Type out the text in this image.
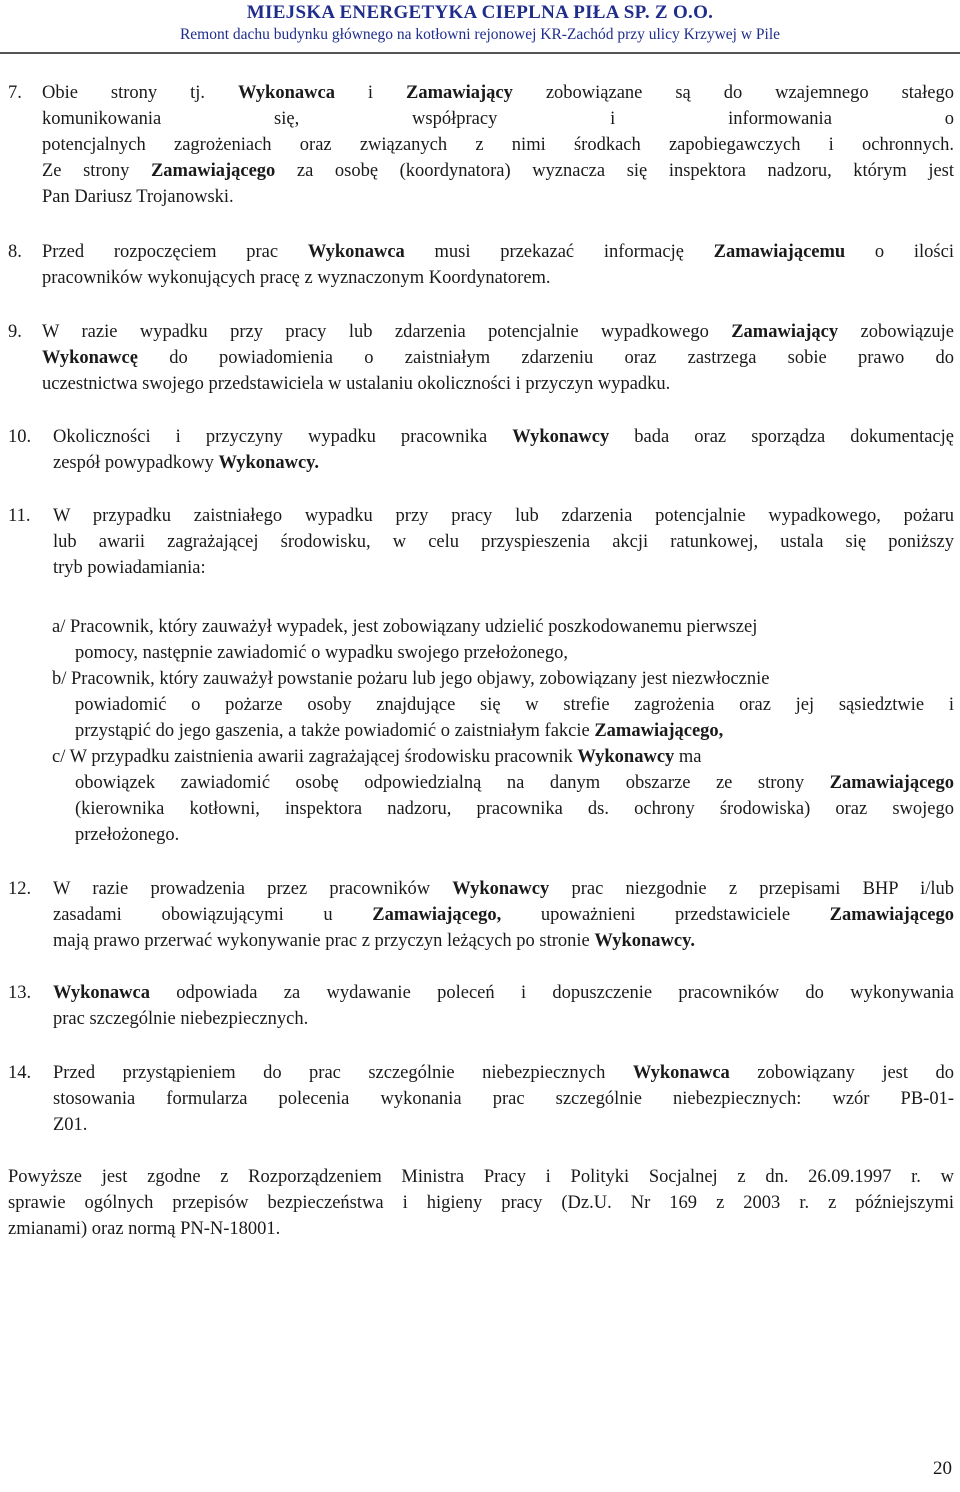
MIEJSKA ENERGETYKA CIEPLNA PIŁA SP. Z O.O.
Remont dachu budynku głównego na kotłowni rejonowej KR-Zachód przy ulicy Krzywej w Pile
7. Obie strony tj. Wykonawca i Zamawiający zobowiązane są do wzajemnego stałego
komunikowania się, współpracy i informowania o
potencjalnych zagrożeniach oraz związanych z nimi środkach zapobiegawczych i ochronnych.
Ze strony Zamawiającego za osobę (koordynatora) wyznacza się inspektora nadzoru, którym jest
Pan Dariusz Trojanowski.
8. Przed rozpoczęciem prac Wykonawca musi przekazać informację Zamawiającemu o ilości
pracowników wykonujących pracę z wyznaczonym Koordynatorem.
9. W razie wypadku przy pracy lub zdarzenia potencjalnie wypadkowego Zamawiający zobowiązuje
Wykonawcę do powiadomienia o zaistniałym zdarzeniu oraz zastrzega sobie prawo do
uczestnictwa swojego przedstawiciela w ustalaniu okoliczności i przyczyn wypadku.
10. Okoliczności i przyczyny wypadku pracownika Wykonawcy bada oraz sporządza dokumentację
zespół powypadkowy Wykonawcy.
11. W przypadku zaistniałego wypadku przy pracy lub zdarzenia potencjalnie wypadkowego, pożaru
lub awarii zagrażającej środowisku, w celu przyspieszenia akcji ratunkowej, ustala się poniższy
tryb powiadamiania:
a/ Pracownik, który zauważył wypadek, jest zobowiązany udzielić poszkodowanemu pierwszej
pomocy, następnie zawiadomić o wypadku swojego przełożonego,
b/ Pracownik, który zauważył powstanie pożaru lub jego objawy, zobowiązany jest niezwłocznie
powiadomić o pożarze osoby znajdujące się w strefie zagrożenia oraz jej sąsiedztwie i
przystąpić do jego gaszenia, a także powiadomić o zaistniałym fakcie Zamawiającego,
c/ W przypadku zaistnienia awarii zagrażającej środowisku pracownik Wykonawcy ma
obowiązek zawiadomić osobę odpowiedzialną na danym obszarze ze strony Zamawiającego
(kierownika kotłowni, inspektora nadzoru, pracownika ds. ochrony środowiska) oraz swojego
przełożonego.
12. W razie prowadzenia przez pracowników Wykonawcy prac niezgodnie z przepisami BHP i/lub
zasadami obowiązującymi u Zamawiającego, upoważnieni przedstawiciele Zamawiającego
mają prawo przerwać wykonywanie prac z przyczyn leżących po stronie Wykonawcy.
13. Wykonawca odpowiada za wydawanie poleceń i dopuszczenie pracowników do wykonywania
prac szczególnie niebezpiecznych.
14. Przed przystąpieniem do prac szczególnie niebezpiecznych Wykonawca zobowiązany jest do
stosowania formularza polecenia wykonania prac szczególnie niebezpiecznych: wzór PB-01-
Z01.
Powyższe jest zgodne z Rozporządzeniem Ministra Pracy i Polityki Socjalnej z dn. 26.09.1997 r. w
sprawie ogólnych przepisów bezpieczeństwa i higieny pracy (Dz.U. Nr 169 z 2003 r. z późniejszymi
zmianami) oraz normą PN-N-18001.
20
